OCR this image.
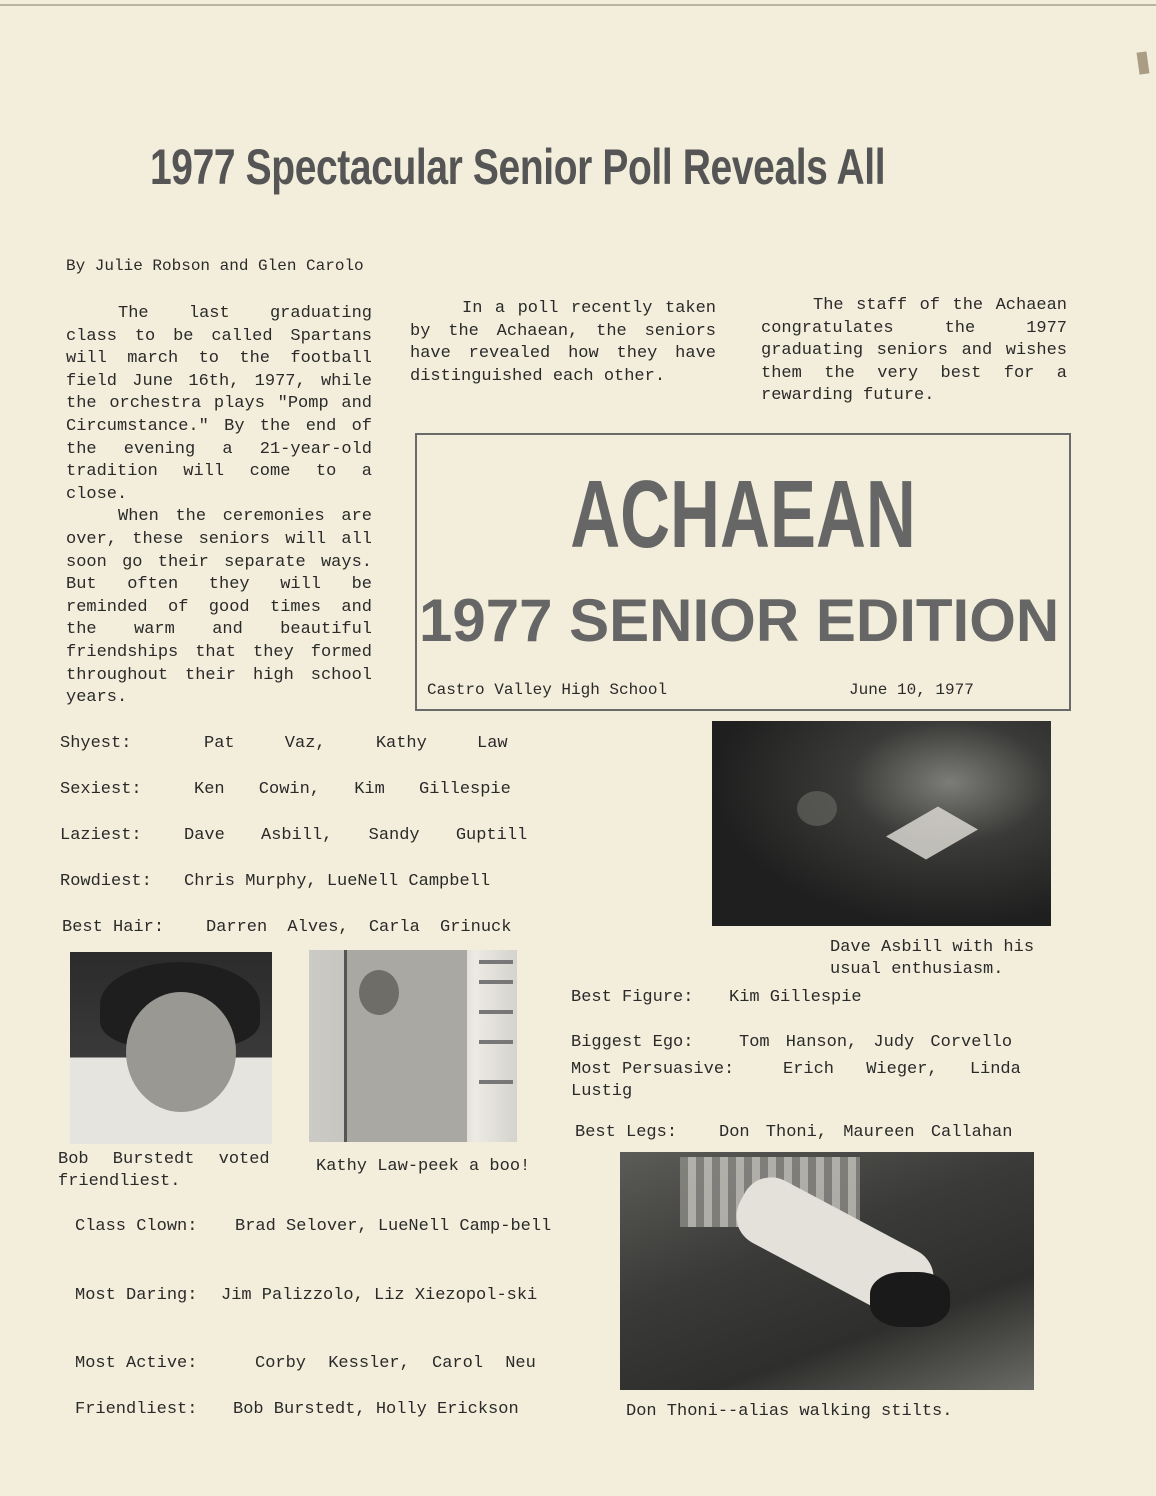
1977 Spectacular Senior Poll Reveals All
By Julie Robson and Glen Carolo

The last graduating class to be called Spartans will march to the football field June 16th, 1977, while the orchestra plays "Pomp and Circumstance." By the end of the evening a 21-year-old tradition will come to a close.

When the ceremonies are over, these seniors will all soon go their separate ways. But often they will be reminded of good times and the warm and beautiful friendships that they formed throughout their high school years.

In a poll recently taken by the Achaean, the seniors have revealed how they have distinguished each other.

The staff of the Achaean congratulates the 1977 graduating seniors and wishes them the very best for a rewarding future.

ACHAEAN
1977 SENIOR EDITION
Castro Valley High School	June 10, 1977
Shyest:	Pat Vaz, Kathy Law
Sexiest:	Ken Cowin, Kim Gillespie
Laziest: Dave Asbill, Sandy Guptill
Rowdiest: Chris Murphy, LueNell Campbell
Best Hair: Darren Alves, Carla Grinuck
Dave Asbill with his usual enthusiasm.
Bob Burstedt voted friendliest.
Kathy Law-peek a boo!
Best Figure: Kim Gillespie
Biggest Ego:	Tom Hanson, Judy Corvello
Most Persuasive:	Erich Wieger, Linda Lustig
Best Legs: Don Thoni, Maureen Callahan
Don Thoni--alias walking stilts.
Class Clown: Brad Selover, LueNell Camp-bell
Most Daring: Jim Palizzolo, Liz Xiezopol-ski
Most Active:	Corby Kessler, Carol Neu
Friendliest: Bob Burstedt, Holly Erickson
